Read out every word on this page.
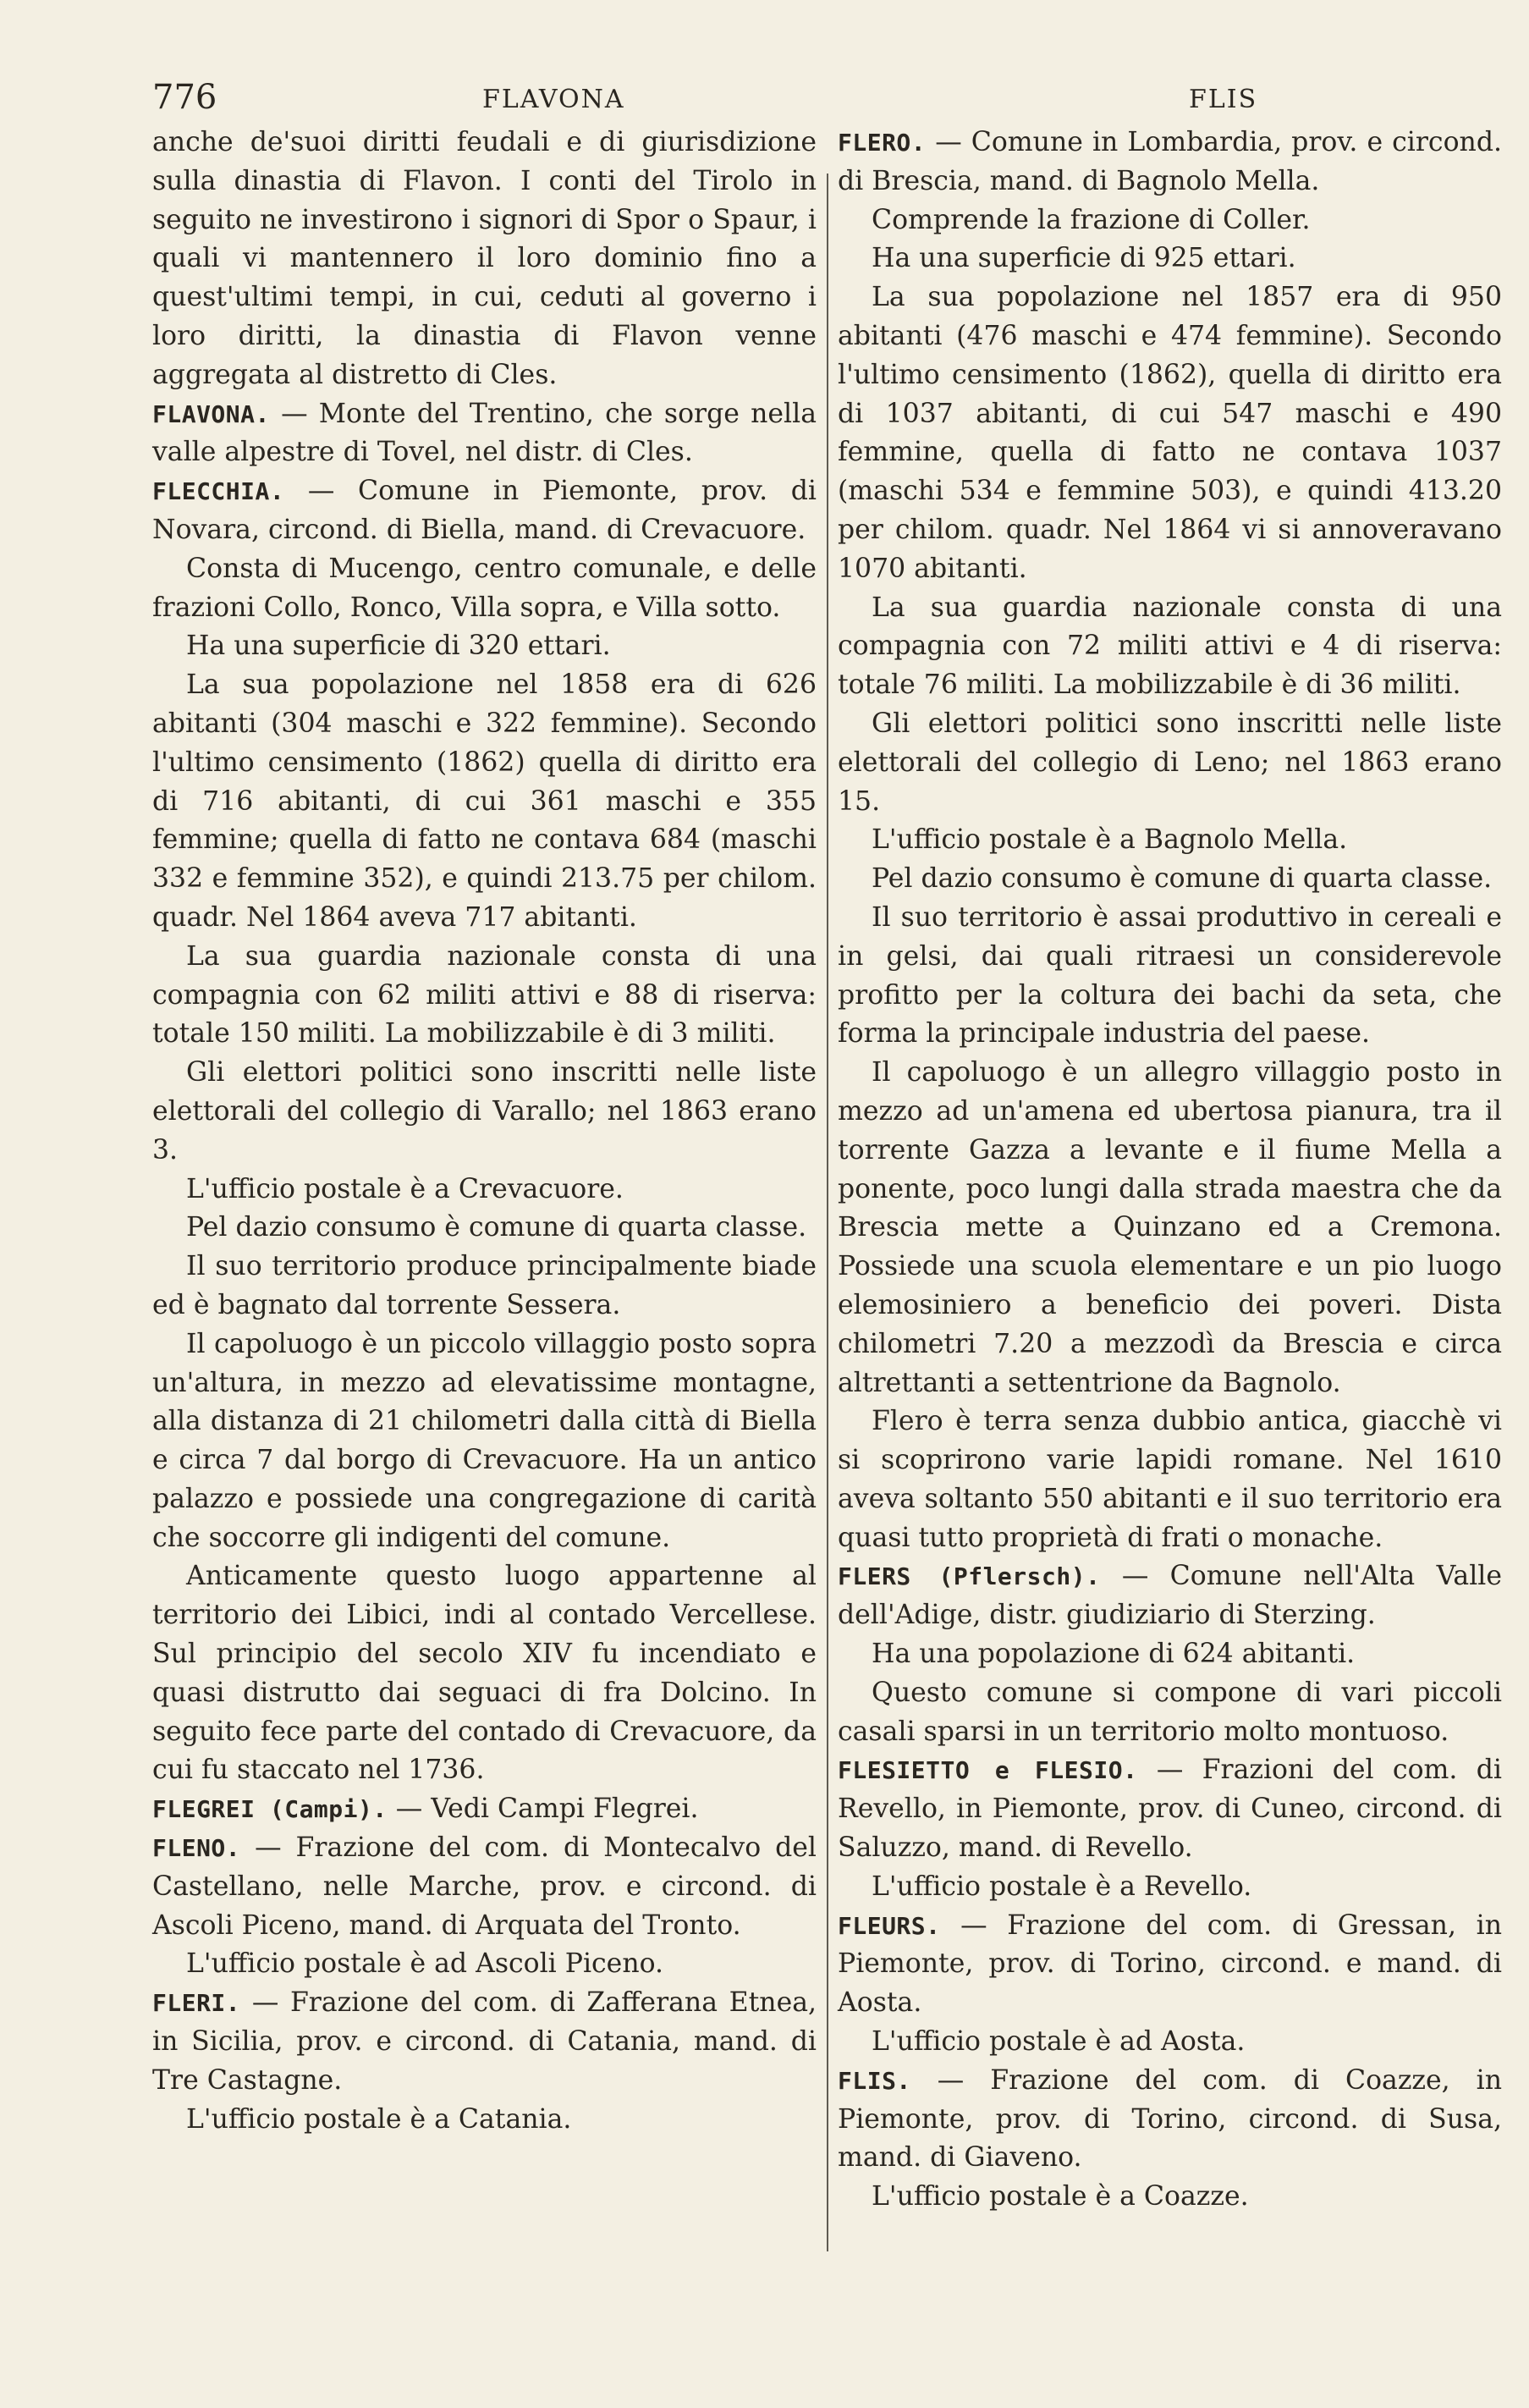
776	FLAVONA	FLIS

anche de'suoi diritti feudali e di giurisdizione sulla dinastia di Flavon. I conti del Tirolo in seguito ne investirono i signori di Spor o Spaur, i quali vi mantennero il loro dominio fino a quest'ultimi tempi, in cui, ceduti al governo i loro diritti, la dinastia di Flavon venne aggregata al distretto di Cles.

FLAVONA. — Monte del Trentino, che sorge nella valle alpestre di Tovel, nel distr. di Cles.

FLECCHIA. — Comune in Piemonte, prov. di Novara, circond. di Biella, mand. di Crevacuore.

Consta di Mucengo, centro comunale, e delle frazioni Collo, Ronco, Villa sopra, e Villa sotto.

Ha una superficie di 320 ettari.

La sua popolazione nel 1858 era di 626 abitanti (304 maschi e 322 femmine). Secondo l'ultimo censimento (1862) quella di diritto era di 716 abitanti, di cui 361 maschi e 355 femmine; quella di fatto ne contava 684 (maschi 332 e femmine 352), e quindi 213.75 per chilom. quadr. Nel 1864 aveva 717 abitanti.

La sua guardia nazionale consta di una compagnia con 62 militi attivi e 88 di riserva: totale 150 militi. La mobilizzabile è di 3 militi.

Gli elettori politici sono inscritti nelle liste elettorali del collegio di Varallo; nel 1863 erano 3.

L'ufficio postale è a Crevacuore.

Pel dazio consumo è comune di quarta classe.

Il suo territorio produce principalmente biade ed è bagnato dal torrente Sessera.

Il capoluogo è un piccolo villaggio posto sopra un'altura, in mezzo ad elevatissime montagne, alla distanza di 21 chilometri dalla città di Biella e circa 7 dal borgo di Crevacuore. Ha un antico palazzo e possiede una congregazione di carità che soccorre gli indigenti del comune.

Anticamente questo luogo appartenne al territorio dei Libici, indi al contado Vercellese. Sul principio del secolo XIV fu incendiato e quasi distrutto dai seguaci di fra Dolcino. In seguito fece parte del contado di Crevacuore, da cui fu staccato nel 1736.

FLEGREI (Campi). — Vedi Campi Flegrei.

FLENO. — Frazione del com. di Montecalvo del Castellano, nelle Marche, prov. e circond. di Ascoli Piceno, mand. di Arquata del Tronto.

L'ufficio postale è ad Ascoli Piceno.

FLERI. — Frazione del com. di Zafferana Etnea, in Sicilia, prov. e circond. di Catania, mand. di Tre Castagne.

L'ufficio postale è a Catania.

FLERO. — Comune in Lombardia, prov. e circond. di Brescia, mand. di Bagnolo Mella.

Comprende la frazione di Coller.

Ha una superficie di 925 ettari.

La sua popolazione nel 1857 era di 950 abitanti (476 maschi e 474 femmine). Secondo l'ultimo censimento (1862), quella di diritto era di 1037 abitanti, di cui 547 maschi e 490 femmine, quella di fatto ne contava 1037 (maschi 534 e femmine 503), e quindi 413.20 per chilom. quadr. Nel 1864 vi si annoveravano 1070 abitanti.

La sua guardia nazionale consta di una compagnia con 72 militi attivi e 4 di riserva: totale 76 militi. La mobilizzabile è di 36 militi.

Gli elettori politici sono inscritti nelle liste elettorali del collegio di Leno; nel 1863 erano 15.

L'ufficio postale è a Bagnolo Mella.

Pel dazio consumo è comune di quarta classe.

Il suo territorio è assai produttivo in cereali e in gelsi, dai quali ritraesi un considerevole profitto per la coltura dei bachi da seta, che forma la principale industria del paese.

Il capoluogo è un allegro villaggio posto in mezzo ad un'amena ed ubertosa pianura, tra il torrente Gazza a levante e il fiume Mella a ponente, poco lungi dalla strada maestra che da Brescia mette a Quinzano ed a Cremona. Possiede una scuola elementare e un pio luogo elemosiniero a beneficio dei poveri. Dista chilometri 7.20 a mezzodì da Brescia e circa altrettanti a settentrione da Bagnolo.

Flero è terra senza dubbio antica, giacchè vi si scoprirono varie lapidi romane. Nel 1610 aveva soltanto 550 abitanti e il suo territorio era quasi tutto proprietà di frati o monache.

FLERS (Pflersch). — Comune nell'Alta Valle dell'Adige, distr. giudiziario di Sterzing.

Ha una popolazione di 624 abitanti.

Questo comune si compone di vari piccoli casali sparsi in un territorio molto montuoso.

FLESIETTO e FLESIO. — Frazioni del com. di Revello, in Piemonte, prov. di Cuneo, circond. di Saluzzo, mand. di Revello.

L'ufficio postale è a Revello.

FLEURS. — Frazione del com. di Gressan, in Piemonte, prov. di Torino, circond. e mand. di Aosta.

L'ufficio postale è ad Aosta.

FLIS. — Frazione del com. di Coazze, in Piemonte, prov. di Torino, circond. di Susa, mand. di Giaveno.

L'ufficio postale è a Coazze.
